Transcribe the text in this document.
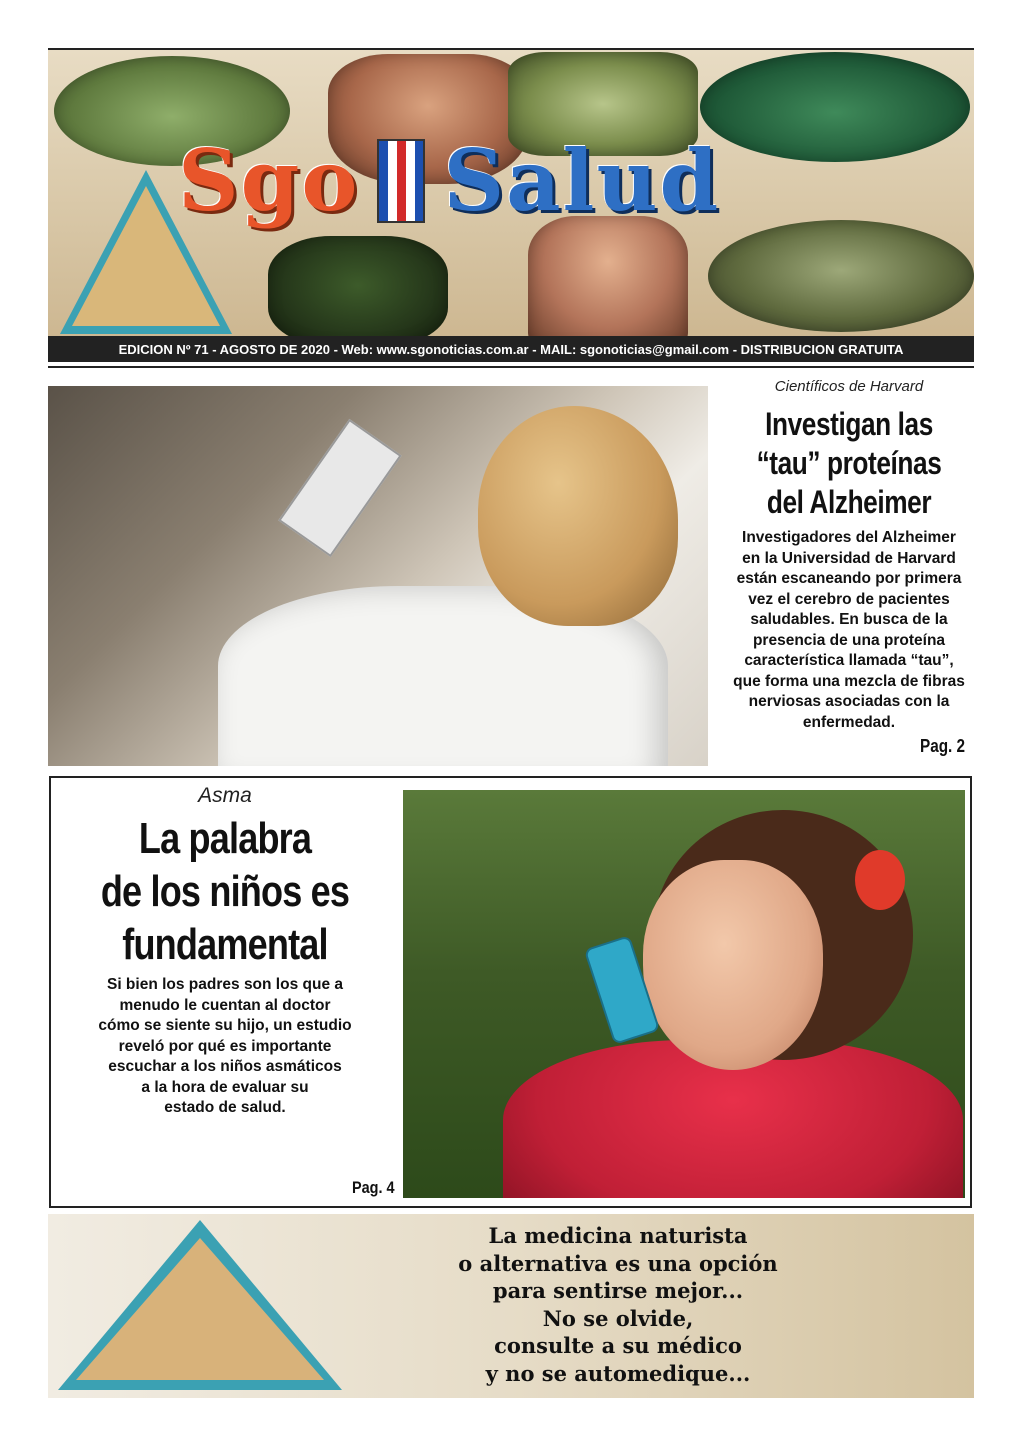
Sgo Salud
EDICION Nº 71 - AGOSTO DE 2020 - Web: www.sgonoticias.com.ar - MAIL: sgonoticias@gmail.com - DISTRIBUCION GRATUITA

Científicos de Harvard

Investigan las
“tau” proteínas
del Alzheimer
Investigadores del Alzheimer
en la Universidad de Harvard
están escaneando por primera
vez el cerebro de pacientes
saludables. En busca de la
presencia de una proteína
característica llamada “tau”,
que forma una mezcla de fibras
nerviosas asociadas con la
enfermedad.
Pag. 2

Asma

La palabra
de los niños es
fundamental
Si bien los padres son los que a
menudo le cuentan al doctor
cómo se siente su hijo, un estudio
reveló por qué es importante
escuchar a los niños asmáticos
a la hora de evaluar su
estado de salud.
Pag. 4
La medicina naturista
o alternativa es una opción
para sentirse mejor...
No se olvide,
consulte a su médico
y no se automedique...
